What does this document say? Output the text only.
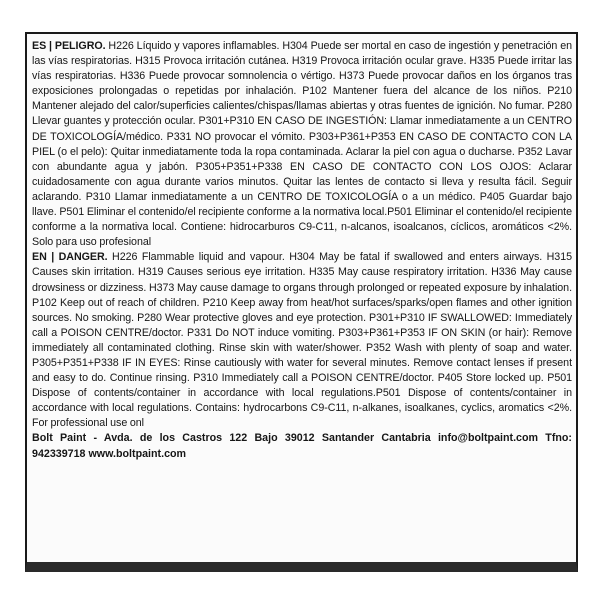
ES | PELIGRO. H226 Líquido y vapores inflamables. H304 Puede ser mortal en caso de ingestión y penetración en las vías respiratorias. H315 Provoca irritación cutánea. H319 Provoca irritación ocular grave. H335 Puede irritar las vías respiratorias. H336 Puede provocar somnolencia o vértigo. H373 Puede provocar daños en los órganos tras exposiciones prolongadas o repetidas por inhalación. P102 Mantener fuera del alcance de los niños. P210 Mantener alejado del calor/superficies calientes/chispas/llamas abiertas y otras fuentes de ignición. No fumar. P280 Llevar guantes y protección ocular. P301+P310 EN CASO DE INGESTIÓN: Llamar inmediatamente a un CENTRO DE TOXICOLOGÍA/médico. P331 NO provocar el vómito. P303+P361+P353 EN CASO DE CONTACTO CON LA PIEL (o el pelo): Quitar inmediatamente toda la ropa contaminada. Aclarar la piel con agua o ducharse. P352 Lavar con abundante agua y jabón. P305+P351+P338 EN CASO DE CONTACTO CON LOS OJOS: Aclarar cuidadosamente con agua durante varios minutos. Quitar las lentes de contacto si lleva y resulta fácil. Seguir aclarando. P310 Llamar inmediatamente a un CENTRO DE TOXICOLOGÍA o a un médico. P405 Guardar bajo llave. P501 Eliminar el contenido/el recipiente conforme a la normativa local.P501 Eliminar el contenido/el recipiente conforme a la normativa local. Contiene: hidrocarburos C9-C11, n-alcanos, isoalcanos, cíclicos, aromáticos <2%. Solo para uso profesional

EN | DANGER. H226 Flammable liquid and vapour. H304 May be fatal if swallowed and enters airways. H315 Causes skin irritation. H319 Causes serious eye irritation. H335 May cause respiratory irritation. H336 May cause drowsiness or dizziness. H373 May cause damage to organs through prolonged or repeated exposure by inhalation. P102 Keep out of reach of children. P210 Keep away from heat/hot surfaces/sparks/open flames and other ignition sources. No smoking. P280 Wear protective gloves and eye protection. P301+P310 IF SWALLOWED: Immediately call a POISON CENTRE/doctor. P331 Do NOT induce vomiting. P303+P361+P353 IF ON SKIN (or hair): Remove immediately all contaminated clothing. Rinse skin with water/shower. P352 Wash with plenty of soap and water. P305+P351+P338 IF IN EYES: Rinse cautiously with water for several minutes. Remove contact lenses if present and easy to do. Continue rinsing. P310 Immediately call a POISON CENTRE/doctor. P405 Store locked up. P501 Dispose of contents/container in accordance with local regulations.P501 Dispose of contents/container in accordance with local regulations. Contains: hydrocarbons C9-C11, n-alkanes, isoalkanes, cyclics, aromatics <2%. For professional use onl

Bolt Paint - Avda. de los Castros 122 Bajo 39012 Santander Cantabria info@boltpaint.com Tfno: 942339718 www.boltpaint.com
